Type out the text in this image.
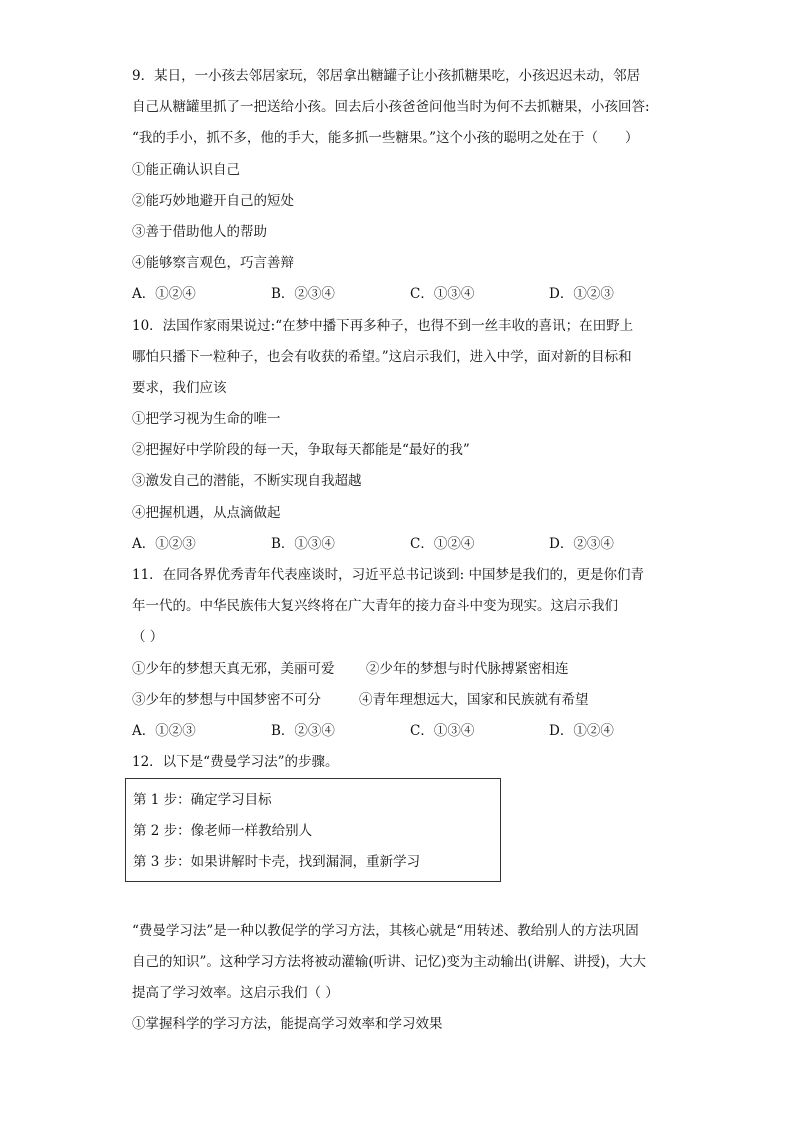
9．某日，一小孩去邻居家玩，邻居拿出糖罐子让小孩抓糖果吃，小孩迟迟未动，邻居
自己从糖罐里抓了一把送给小孩。回去后小孩爸爸问他当时为何不去抓糖果，小孩回答:
“我的手小，抓不多，他的手大，能多抓一些糖果。”这个小孩的聪明之处在于（　　）
①能正确认识自己
②能巧妙地避开自己的短处
③善于借助他人的帮助
④能够察言观色，巧言善辩
A．①②④	B．②③④	C．①③④	D．①②③
10．法国作家雨果说过:“在梦中播下再多种子，也得不到一丝丰收的喜讯；在田野上
哪怕只播下一粒种子，也会有收获的希望。”这启示我们，进入中学，面对新的目标和
要求，我们应该
①把学习视为生命的唯一
②把握好中学阶段的每一天，争取每天都能是“最好的我”
③激发自己的潜能，不断实现自我超越
④把握机遇，从点滴做起
A．①②③	B．①③④	C．①②④	D．②③④
11．在同各界优秀青年代表座谈时，习近平总书记谈到: 中国梦是我们的，更是你们青
年一代的。中华民族伟大复兴终将在广大青年的接力奋斗中变为现实。这启示我们
（ ）
①少年的梦想天真无邪，美丽可爱 ②少年的梦想与时代脉搏紧密相连
③少年的梦想与中国梦密不可分	④青年理想远大，国家和民族就有希望
A．①②③	B．②③④	C．①③④	D．①②④
12．以下是“费曼学习法”的步骤。
第 1 步：确定学习目标
第 2 步：像老师一样教给别人
第 3 步：如果讲解时卡壳，找到漏洞，重新学习
“费曼学习法”是一种以教促学的学习方法，其核心就是“用转述、教给别人的方法巩固
自己的知识”。这种学习方法将被动灌输(听讲、记忆)变为主动输出(讲解、讲授)，大大
提高了学习效率。这启示我们（ ）
①掌握科学的学习方法，能提高学习效率和学习效果
